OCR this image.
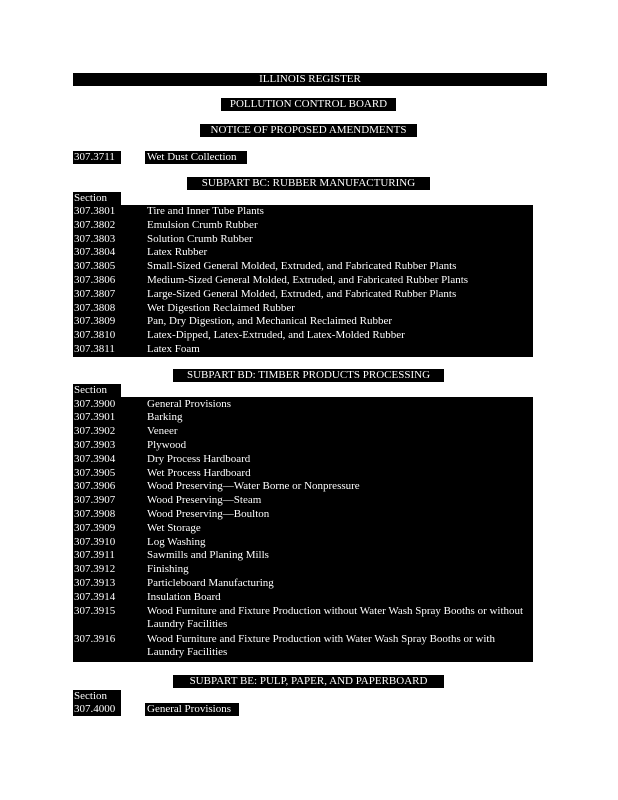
ILLINOIS REGISTER
POLLUTION CONTROL BOARD
NOTICE OF PROPOSED AMENDMENTS
307.3711	Wet Dust Collection
SUBPART BC: RUBBER MANUFACTURING
Section
307.3801	Tire and Inner Tube Plants
307.3802	Emulsion Crumb Rubber
307.3803	Solution Crumb Rubber
307.3804	Latex Rubber
307.3805	Small-Sized General Molded, Extruded, and Fabricated Rubber Plants
307.3806	Medium-Sized General Molded, Extruded, and Fabricated Rubber Plants
307.3807	Large-Sized General Molded, Extruded, and Fabricated Rubber Plants
307.3808	Wet Digestion Reclaimed Rubber
307.3809	Pan, Dry Digestion, and Mechanical Reclaimed Rubber
307.3810	Latex-Dipped, Latex-Extruded, and Latex-Molded Rubber
307.3811	Latex Foam
SUBPART BD: TIMBER PRODUCTS PROCESSING
Section
307.3900	General Provisions
307.3901	Barking
307.3902	Veneer
307.3903	Plywood
307.3904	Dry Process Hardboard
307.3905	Wet Process Hardboard
307.3906	Wood Preserving—Water Borne or Nonpressure
307.3907	Wood Preserving—Steam
307.3908	Wood Preserving—Boulton
307.3909	Wet Storage
307.3910	Log Washing
307.3911	Sawmills and Planing Mills
307.3912	Finishing
307.3913	Particleboard Manufacturing
307.3914	Insulation Board
307.3915	Wood Furniture and Fixture Production without Water Wash Spray Booths or without Laundry Facilities
307.3916	Wood Furniture and Fixture Production with Water Wash Spray Booths or with Laundry Facilities
SUBPART BE: PULP, PAPER, AND PAPERBOARD
Section
307.4000	General Provisions
